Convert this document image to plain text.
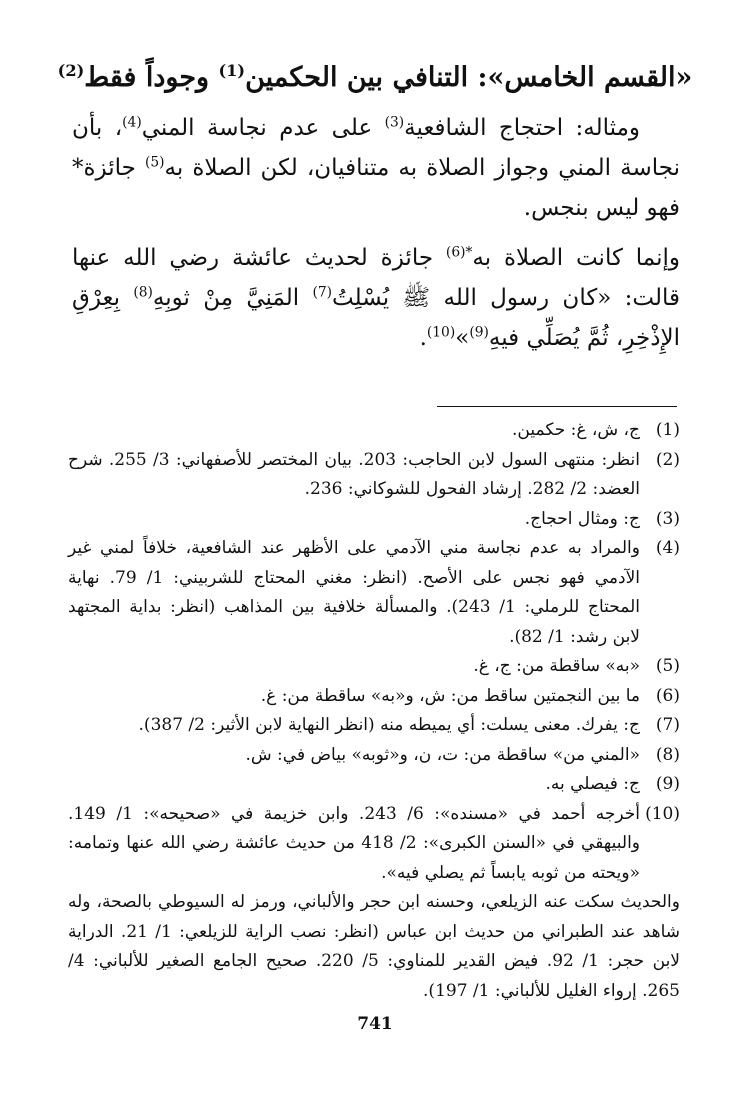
«القسم الخامس»: التنافي بين الحكمين$^{(1)}$ وجوداً فقط$^{(2)}$
ومثاله: احتجاج الشافعية$^{(3)}$ على عدم نجاسة المني$^{(4)}$، بأن نجاسة المني وجواز الصلاة به متنافيان، لكن الصلاة به$^{(5)}$ جائزة* فهو ليس بنجس.
وإنما كانت الصلاة به$^{*(6)}$ جائزة لحديث عائشة رضي الله عنها قالت: «كان رسول الله ﷺ يُسْلِتُ$^{(7)}$ المَنِيَّ مِنْ ثوبِهِ$^{(8)}$ بِعِرْقِ الإِذْخِرِ، ثُمَّ يُصَلِّي فيهِ$^{(9)}$»$^{(10)}$.
(1)
ج، ش، غ: حكمين.
(2)
انظر: منتهى السول لابن الحاجب: 203. بيان المختصر للأصفهاني: 3/ 255. شرح العضد: 2/ 282. إرشاد الفحول للشوكاني: 236.
(3)
ج: ومثال احجاج.
(4)
والمراد به عدم نجاسة مني الآدمي على الأظهر عند الشافعية، خلافاً لمني غير الآدمي فهو نجس على الأصح. (انظر: مغني المحتاج للشربيني: 1/ 79. نهاية المحتاج للرملي: 1/ 243). والمسألة خلافية بين المذاهب (انظر: بداية المجتهد لابن رشد: 1/ 82).
(5)
«به» ساقطة من: ج، غ.
(6)
ما بين النجمتين ساقط من: ش، و«به» ساقطة من: غ.
(7)
ج: يفرك. معنى يسلت: أي يميطه منه (انظر النهاية لابن الأثير: 2/ 387).
(8)
«المني من» ساقطة من: ت، ن، و«ثوبه» بياض في: ش.
(9)
ج: فيصلي به.
(10)
أخرجه أحمد في «مسنده»: 6/ 243. وابن خزيمة في «صحيحه»: 1/ 149. والبيهقي في «السنن الكبرى»: 2/ 418 من حديث عائشة رضي الله عنها وتمامه: «ويحته من ثوبه يابساً ثم يصلي فيه».
والحديث سكت عنه الزيلعي، وحسنه ابن حجر والألباني، ورمز له السيوطي بالصحة، وله شاهد عند الطبراني من حديث ابن عباس (انظر: نصب الراية للزيلعي: 1/ 21. الدراية لابن حجر: 1/ 92. فيض القدير للمناوي: 5/ 220. صحيح الجامع الصغير للألباني: 4/ 265. إرواء الغليل للألباني: 1/ 197).
741
